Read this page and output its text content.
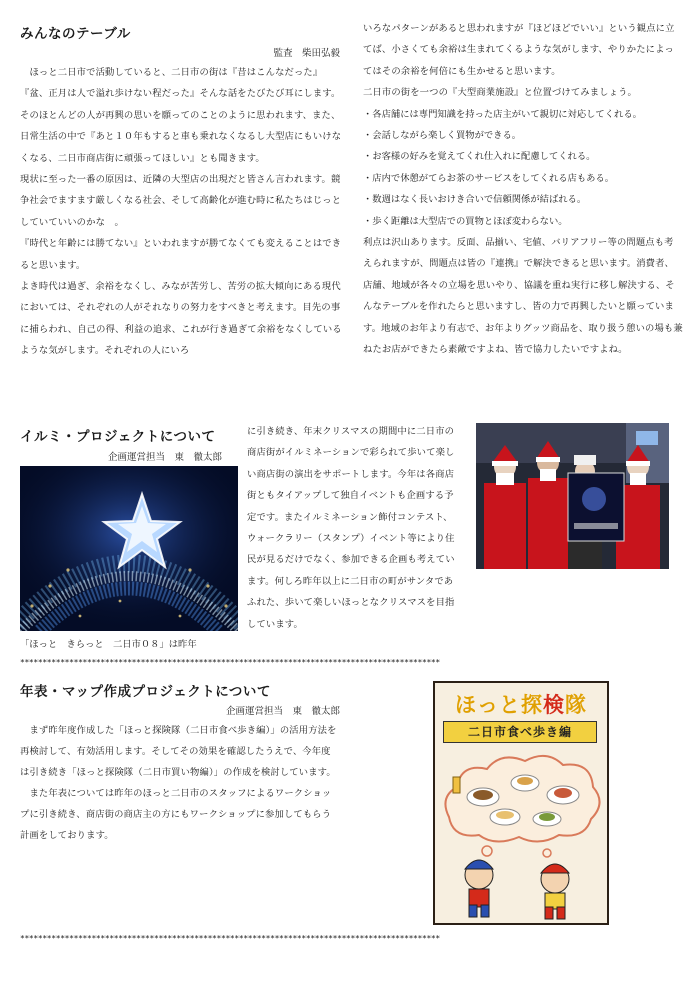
みんなのテーブル
監査　柴田弘毅

　ほっと二日市で活動していると、二日市の街は『昔はこんなだった』『盆、正月は人で溢れ歩けない程だった』そんな話をたびたび耳にします。そのほとんどの人が再興の思いを願ってのことのように思われます、また、日常生活の中で『あと１０年もすると車も乗れなくなるし大型店にもいけなくなる、二日市商店街に頑張ってほしい』とも聞きます。

現状に至った一番の原因は、近隣の大型店の出現だと皆さん言われます。競争社会でますます厳しくなる社会、そして高齢化が進む時に私たちはじっとしていていいのかな　。

『時代と年齢には勝てない』といわれますが勝てなくても変えることはできると思います。

よき時代は過ぎ、余裕をなくし、みなが苦労し、苦労の拡大傾向にある現代においては、それぞれの人がそれなりの努力をすべきと考えます。目先の事に捕らわれ、自己の得、利益の追求、これが行き過ぎて余裕をなくしているような気がします。それぞれの人にいろ

いろなパターンがあると思われますが『ほどほどでいい』という観点に立てば、小さくても余裕は生まれてくるような気がします、やりかたによってはその余裕を何倍にも生かせると思います。

二日市の街を一つの『大型商業施設』と位置づけてみましょう。

・各店舗には専門知識を持った店主がいて親切に対応してくれる。
・会話しながら楽しく買物ができる。
・お客様の好みを覚えてくれ仕入れに配慮してくれる。
・店内で休憩がてらお茶のサービスをしてくれる店もある。
・数週はなく長いおけき合いで信頼関係が結ばれる。
・歩く距離は大型店での買物とほぼ変わらない。

利点は沢山あります。反面、品揃い、宅値、バリアフリー等の問題点も考えられますが、問題点は皆の『連携』で解決できると思います。消費者、店舗、地域が各々の立場を思いやり、協議を重ね実行に移し解決する、そんなテーブルを作れたらと思いますし、皆の力で再興したいと願っています。地域のお年より有志で、お年よりグッツ商品を、取り扱う憩いの場も兼ねたお店ができたら素敵ですよね、皆で協力したいですよね。

イルミ・プロジェクトについて
企画運営担当　東　徹太郎
「ほっと　きらっと　二日市０８」は昨年

に引き続き、年末クリスマスの期間中に二日市の商店街がイルミネーションで彩られて歩いて楽しい商店街の演出をサポートします。今年は各商店街ともタイアップして独自イベントも企画する予定です。またイルミネーション飾付コンテスト、ウォークラリー（スタンプ）イベント等により住民が見るだけでなく、参加できる企画も考えています。何しろ昨年以上に二日市の町がサンタであふれた、歩いて楽しいほっとなクリスマスを目指しています。

**********************************************************************************************
年表・マップ作成プロジェクトについて
企画運営担当　東　徹太郎

　まず昨年度作成した「ほっと探険隊（二日市食べ歩き編）」の活用方法を再検討して、有効活用します。そしてその効果を確認したうえで、今年度は引き続き「ほっと探険隊（二日市買い物編）」の作成を検討しています。

　また年表については昨年のほっと二日市のスタッフによるワークショップに引き続き、商店街の商店主の方にもワークショップに参加してもらう計画をしております。

ほっと探検隊
二日市食べ歩き編
**********************************************************************************************
